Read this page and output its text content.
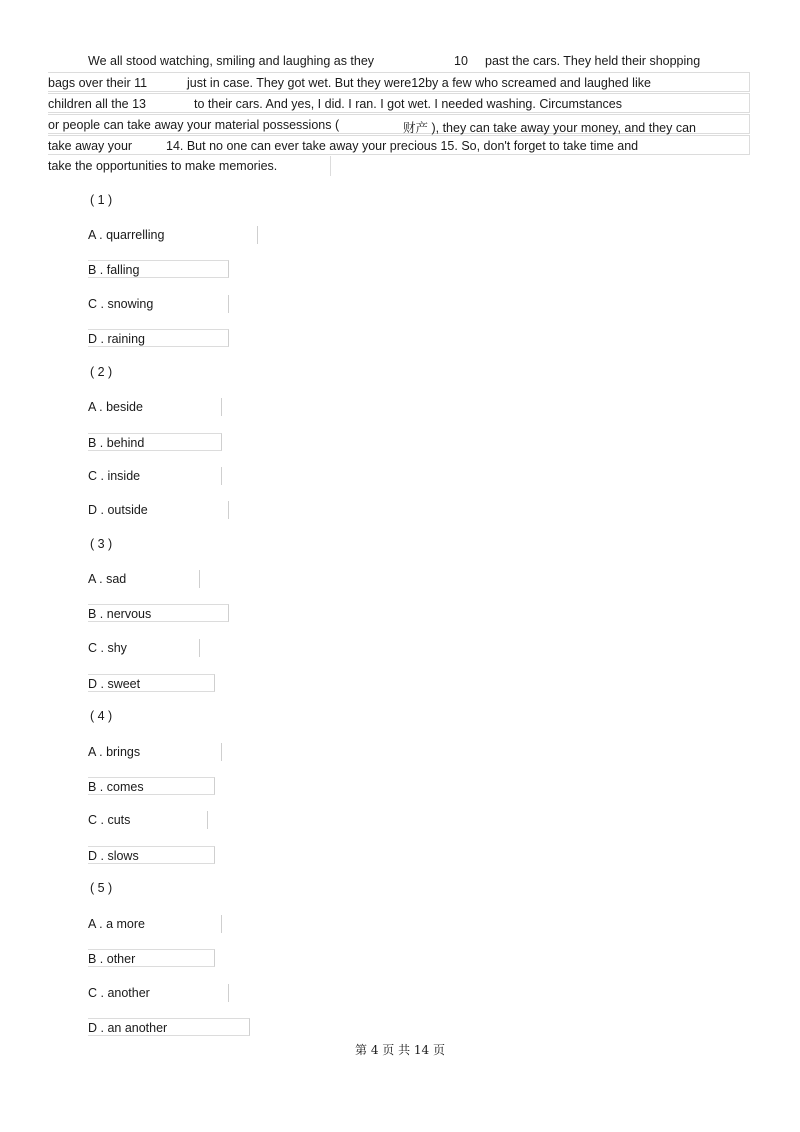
We all stood watching, smiling and laughing as they	10 past the cars. They held their shopping
bags over their 11	just in case. They got wet. But they were12by a few who screamed and laughed like
children all the 13	to their cars. And yes, I did. I ran. I got wet. I needed washing. Circumstances
or people can take away your material possessions (	财产 ), they can take away your money, and they can
take away your	14. But no one can ever take away your precious 15. So, don't forget to take time and
take the opportunities to make memories.
( 1 )
A . quarrelling
B . falling
C . snowing
D . raining
( 2 )
A . beside
B . behind
C . inside
D . outside
( 3 )
A . sad
B . nervous
C . shy
D . sweet
( 4 )
A . brings
B . comes
C . cuts
D . slows
( 5 )
A . a more
B . other
C . another
D . an another
第 4 页 共 14 页
